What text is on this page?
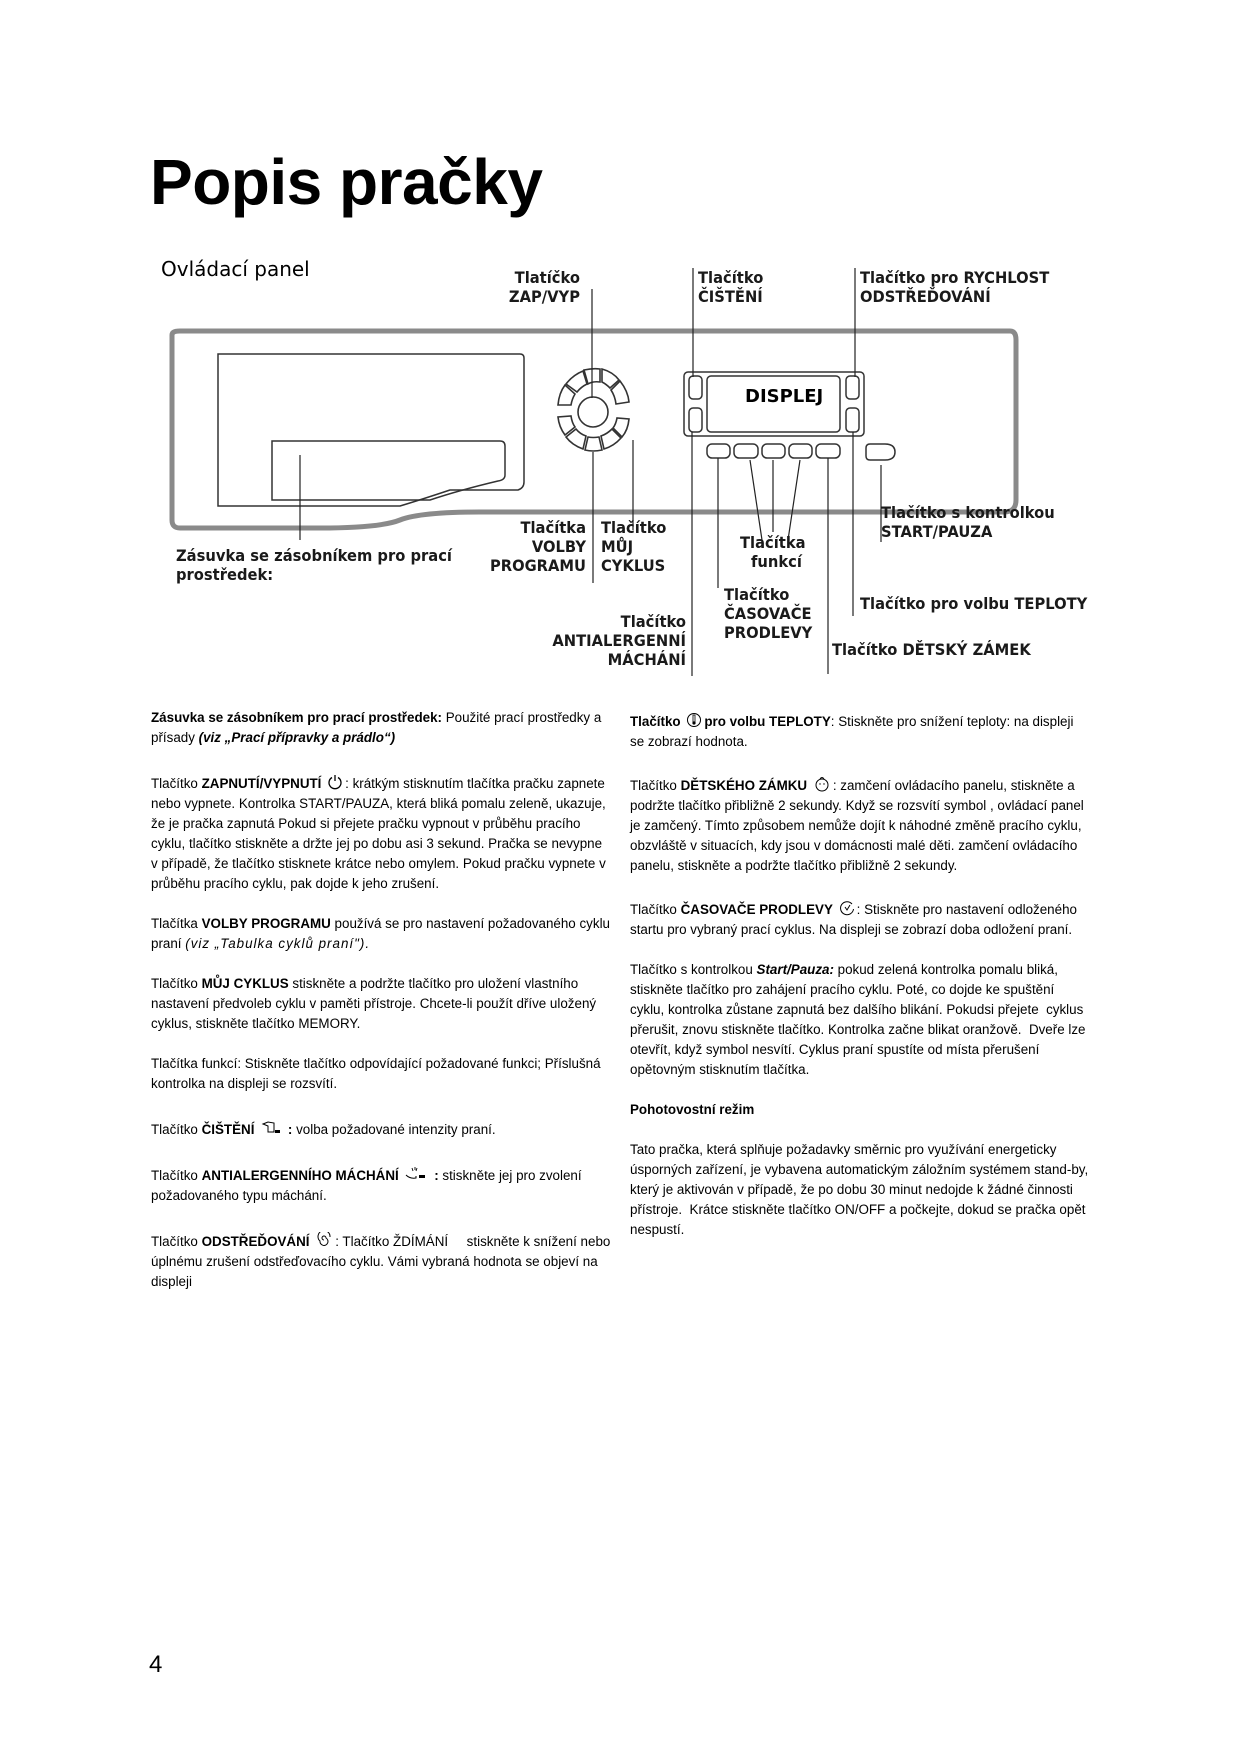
Popis pračky
Ovládací panel
DISPLEJ
Tlatíčko
ZAP/VYP
Tlačítko
ČIŠTĚNÍ
Tlačítko pro RYCHLOST
ODSTŘEĎOVÁNÍ
Zásuvka se zásobníkem pro prací
prostředek:
Tlačítka
VOLBY
PROGRAMU
Tlačítko
MŮJ
CYKLUS
Tlačítka
funkcí
Tlačítko s kontrolkou
START/PAUZA
Tlačítko pro volbu TEPLOTY
Tlačítko
ČASOVAČE
PRODLEVY
Tlačítko
ANTIALERGENNÍ
MÁCHÁNÍ
Tlačítko DĚTSKÝ ZÁMEK

Zásuvka se zásobníkem pro prací prostředek: Použité prací prostředky a přísady (viz „Prací přípravky a prádlo“)

Tlačítko ZAPNUTÍ/VYPNUTÍ : krátkým stisknutím tlačítka pračku zapnete nebo vypnete. Kontrolka START/PAUZA, která bliká pomalu zeleně, ukazuje, že je pračka zapnutá Pokud si přejete pračku vypnout v průběhu pracího cyklu, tlačítko stiskněte a držte jej po dobu asi 3 sekund. Pračka se nevypne v případě, že tlačítko stisknete krátce nebo omylem. Pokud pračku vypnete v průběhu pracího cyklu, pak dojde k jeho zrušení.

Tlačítka VOLBY PROGRAMU používá se pro nastavení požadovaného cyklu praní (viz „Tabulka cyklů praní").

Tlačítko MŮJ CYKLUS stiskněte a podržte tlačítko pro uložení vlastního nastavení předvoleb cyklu v paměti přístroje. Chcete-li použít dříve uložený cyklus, stiskněte tlačítko MEMORY.

Tlačítka funkcí: Stiskněte tlačítko odpovídající požadované funkci; Příslušná kontrolka na displeji se rozsvítí.

Tlačítko ČIŠTĚNÍ  : volba požadované intenzity praní.

Tlačítko ANTIALERGENNÍHO MÁCHÁNÍ  : stiskněte jej pro zvolení požadovaného typu máchání.

Tlačítko ODSTŘEĎOVÁNÍ : Tlačítko ŽDÍMÁNÍ     stiskněte k snížení nebo úplnému zrušení odstřeďovacího cyklu. Vámi vybraná hodnota se objeví na displeji

Tlačítko pro volbu TEPLOTY: Stiskněte pro snížení teploty: na displeji se zobrazí hodnota.

Tlačítko DĚTSKÉHO ZÁMKU : zamčení ovládacího panelu, stiskněte a podržte tlačítko přibližně 2 sekundy. Když se rozsvítí symbol , ovládací panel je zamčený. Tímto způsobem nemůže dojít k náhodné změně pracího cyklu, obzvláště v situacích, kdy jsou v domácnosti malé děti. zamčení ovládacího panelu, stiskněte a podržte tlačítko přibližně 2 sekundy.

Tlačítko ČASOVAČE PRODLEVY : Stiskněte pro nastavení odloženého startu pro vybraný prací cyklus. Na displeji se zobrazí doba odložení praní.

Tlačítko s kontrolkou Start/Pauza: pokud zelená kontrolka pomalu bliká, stiskněte tlačítko pro zahájení pracího cyklu. Poté, co dojde ke spuštění cyklu, kontrolka zůstane zapnutá bez dalšího blikání. Pokudsi přejete  cyklus přerušit, znovu stiskněte tlačítko. Kontrolka začne blikat oranžově.  Dveře lze otevřít, když symbol nesvítí. Cyklus praní spustíte od místa přerušení opětovným stisknutím tlačítka.

Pohotovostní režim

Tato pračka, která splňuje požadavky směrnic pro využívání energeticky úsporných zařízení, je vybavena automatickým záložním systémem stand-by, který je aktivován v případě, že po dobu 30 minut nedojde k žádné činnosti přístroje.  Krátce stiskněte tlačítko ON/OFF a počkejte, dokud se pračka opět nespustí.

4
